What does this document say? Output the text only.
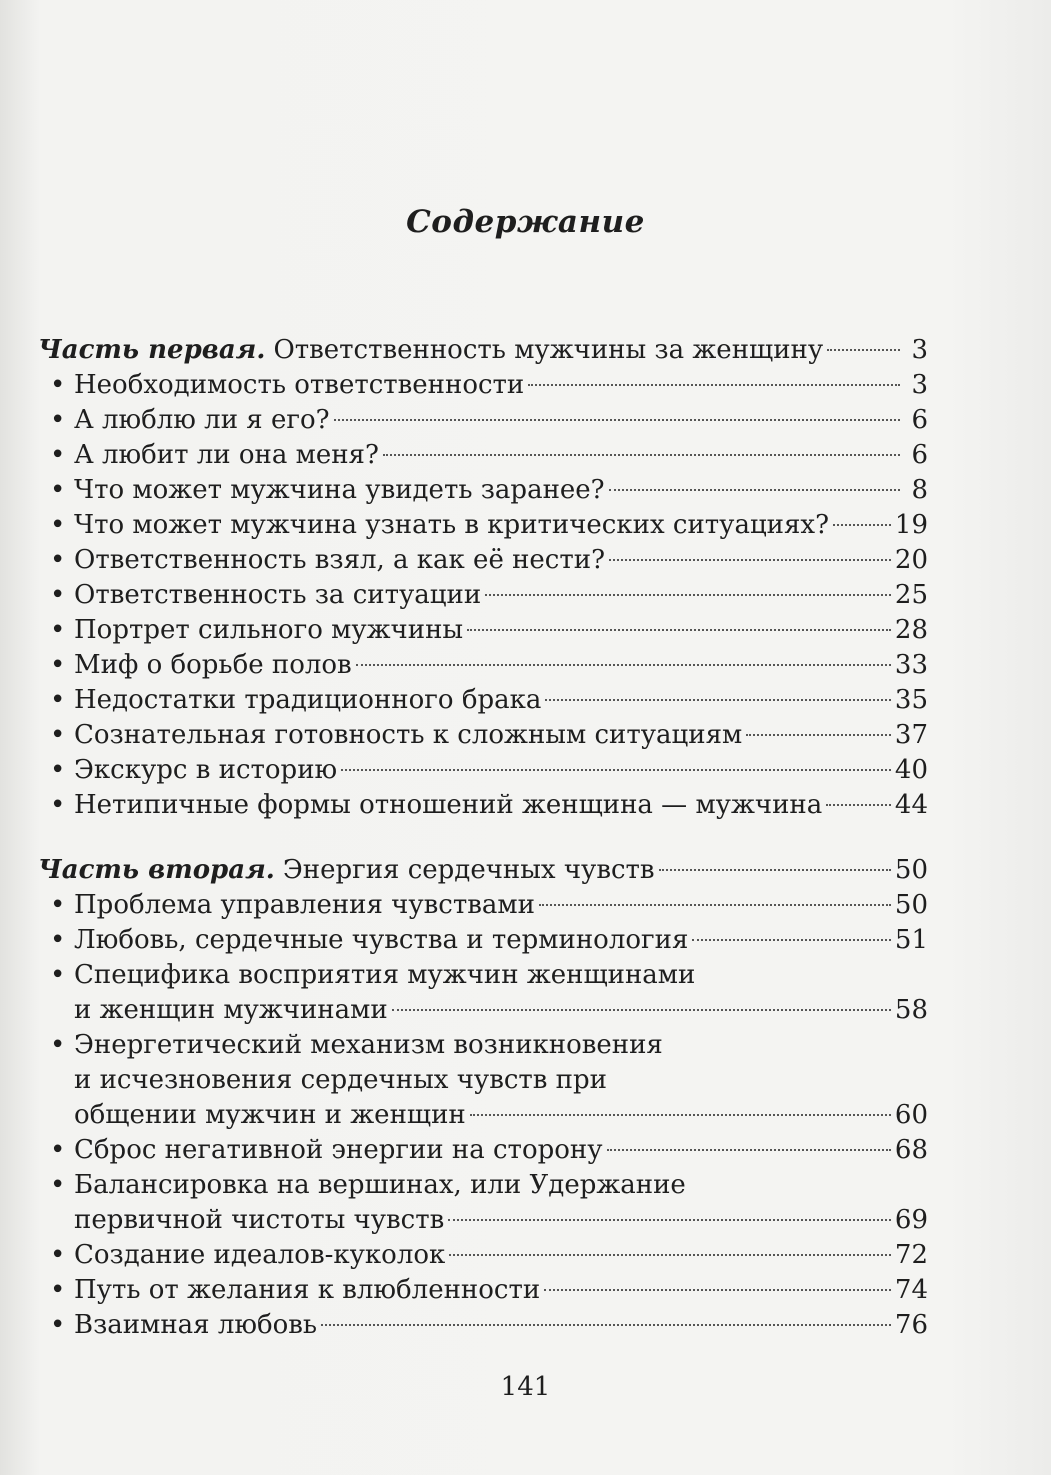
Содержание
Часть первая. Ответственность мужчины за женщину	3
• Необходимость ответственности	3
• А люблю ли я его?	6
• А любит ли она меня?	6
• Что может мужчина увидеть заранее?	8
• Что может мужчина узнать в критических ситуациях?	19
• Ответственность взял, а как её нести?	20
• Ответственность за ситуации	25
• Портрет сильного мужчины	28
• Миф о борьбе полов	33
• Недостатки традиционного брака	35
• Сознательная готовность к сложным ситуациям	37
• Экскурс в историю	40
• Нетипичные формы отношений женщина — мужчина	44
Часть вторая. Энергия сердечных чувств	50
• Проблема управления чувствами	50
• Любовь, сердечные чувства и терминология	51
• Специфика восприятия мужчин женщинами
и женщин мужчинами	58
• Энергетический механизм возникновения
и исчезновения сердечных чувств при
общении мужчин и женщин	60
• Сброс негативной энергии на сторону	68
• Балансировка на вершинах, или Удержание
первичной чистоты чувств	69
• Создание идеалов-куколок	72
• Путь от желания к влюбленности	74
• Взаимная любовь	76
141
